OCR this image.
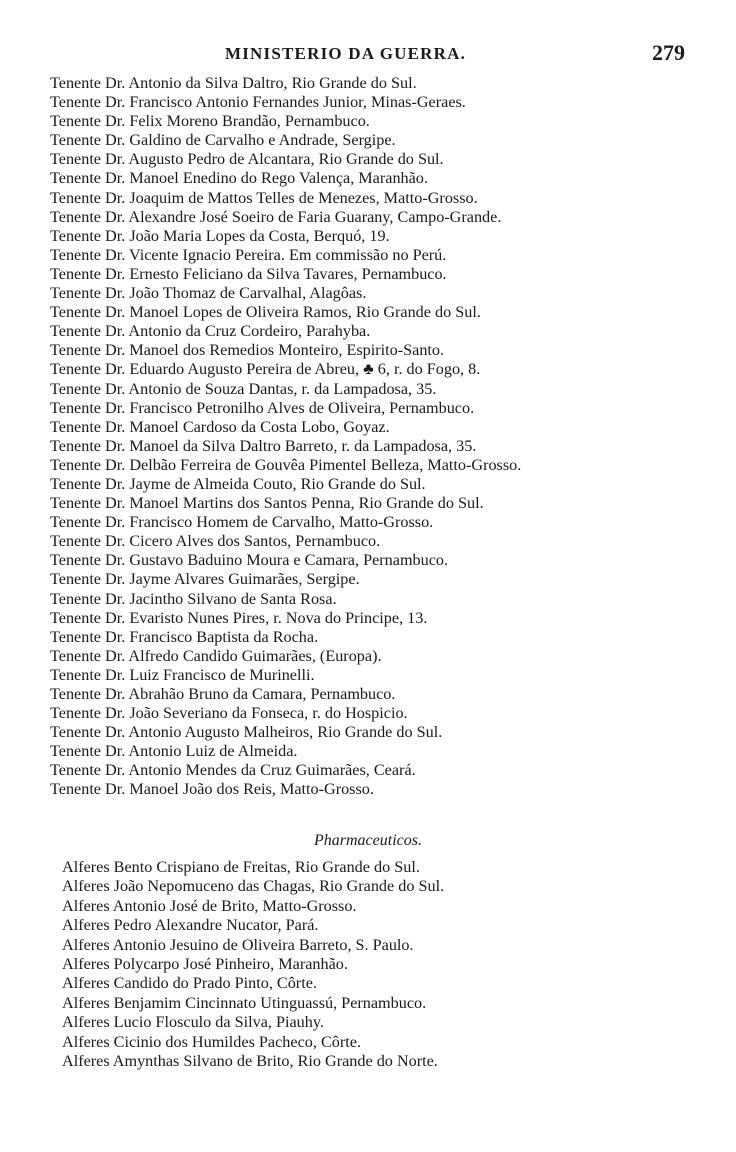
MINISTERIO DA GUERRA.	279
Tenente Dr. Antonio da Silva Daltro, Rio Grande do Sul.
Tenente Dr. Francisco Antonio Fernandes Junior, Minas-Geraes.
Tenente Dr. Felix Moreno Brandão, Pernambuco.
Tenente Dr. Galdino de Carvalho e Andrade, Sergipe.
Tenente Dr. Augusto Pedro de Alcantara, Rio Grande do Sul.
Tenente Dr. Manoel Enedino do Rego Valença, Maranhão.
Tenente Dr. Joaquim de Mattos Telles de Menezes, Matto-Grosso.
Tenente Dr. Alexandre José Soeiro de Faria Guarany, Campo-Grande.
Tenente Dr. João Maria Lopes da Costa, Berquó, 19.
Tenente Dr. Vicente Ignacio Pereira. Em commissão no Perú.
Tenente Dr. Ernesto Feliciano da Silva Tavares, Pernambuco.
Tenente Dr. João Thomaz de Carvalhal, Alagôas.
Tenente Dr. Manoel Lopes de Oliveira Ramos, Rio Grande do Sul.
Tenente Dr. Antonio da Cruz Cordeiro, Parahyba.
Tenente Dr. Manoel dos Remedios Monteiro, Espirito-Santo.
Tenente Dr. Eduardo Augusto Pereira de Abreu, ♣ 6, r. do Fogo, 8.
Tenente Dr. Antonio de Souza Dantas, r. da Lampadosa, 35.
Tenente Dr. Francisco Petronilho Alves de Oliveira, Pernambuco.
Tenente Dr. Manoel Cardoso da Costa Lobo, Goyaz.
Tenente Dr. Manoel da Silva Daltro Barreto, r. da Lampadosa, 35.
Tenente Dr. Delbão Ferreira de Gouvêa Pimentel Belleza, Matto-Grosso.
Tenente Dr. Jayme de Almeida Couto, Rio Grande do Sul.
Tenente Dr. Manoel Martins dos Santos Penna, Rio Grande do Sul.
Tenente Dr. Francisco Homem de Carvalho, Matto-Grosso.
Tenente Dr. Cicero Alves dos Santos, Pernambuco.
Tenente Dr. Gustavo Baduino Moura e Camara, Pernambuco.
Tenente Dr. Jayme Alvares Guimarães, Sergipe.
Tenente Dr. Jacintho Silvano de Santa Rosa.
Tenente Dr. Evaristo Nunes Pires, r. Nova do Principe, 13.
Tenente Dr. Francisco Baptista da Rocha.
Tenente Dr. Alfredo Candido Guimarães, (Europa).
Tenente Dr. Luiz Francisco de Murinelli.
Tenente Dr. Abrahão Bruno da Camara, Pernambuco.
Tenente Dr. João Severiano da Fonseca, r. do Hospicio.
Tenente Dr. Antonio Augusto Malheiros, Rio Grande do Sul.
Tenente Dr. Antonio Luiz de Almeida.
Tenente Dr. Antonio Mendes da Cruz Guimarães, Ceará.
Tenente Dr. Manoel João dos Reis, Matto-Grosso.
Pharmaceuticos.
Alferes Bento Crispiano de Freitas, Rio Grande do Sul.
Alferes João Nepomuceno das Chagas, Rio Grande do Sul.
Alferes Antonio José de Brito, Matto-Grosso.
Alferes Pedro Alexandre Nucator, Pará.
Alferes Antonio Jesuino de Oliveira Barreto, S. Paulo.
Alferes Polycarpo José Pinheiro, Maranhão.
Alferes Candido do Prado Pinto, Côrte.
Alferes Benjamim Cincinnato Utinguassú, Pernambuco.
Alferes Lucio Flosculo da Silva, Piauhy.
Alferes Cicinio dos Humildes Pacheco, Côrte.
Alferes Amynthas Silvano de Brito, Rio Grande do Norte.
